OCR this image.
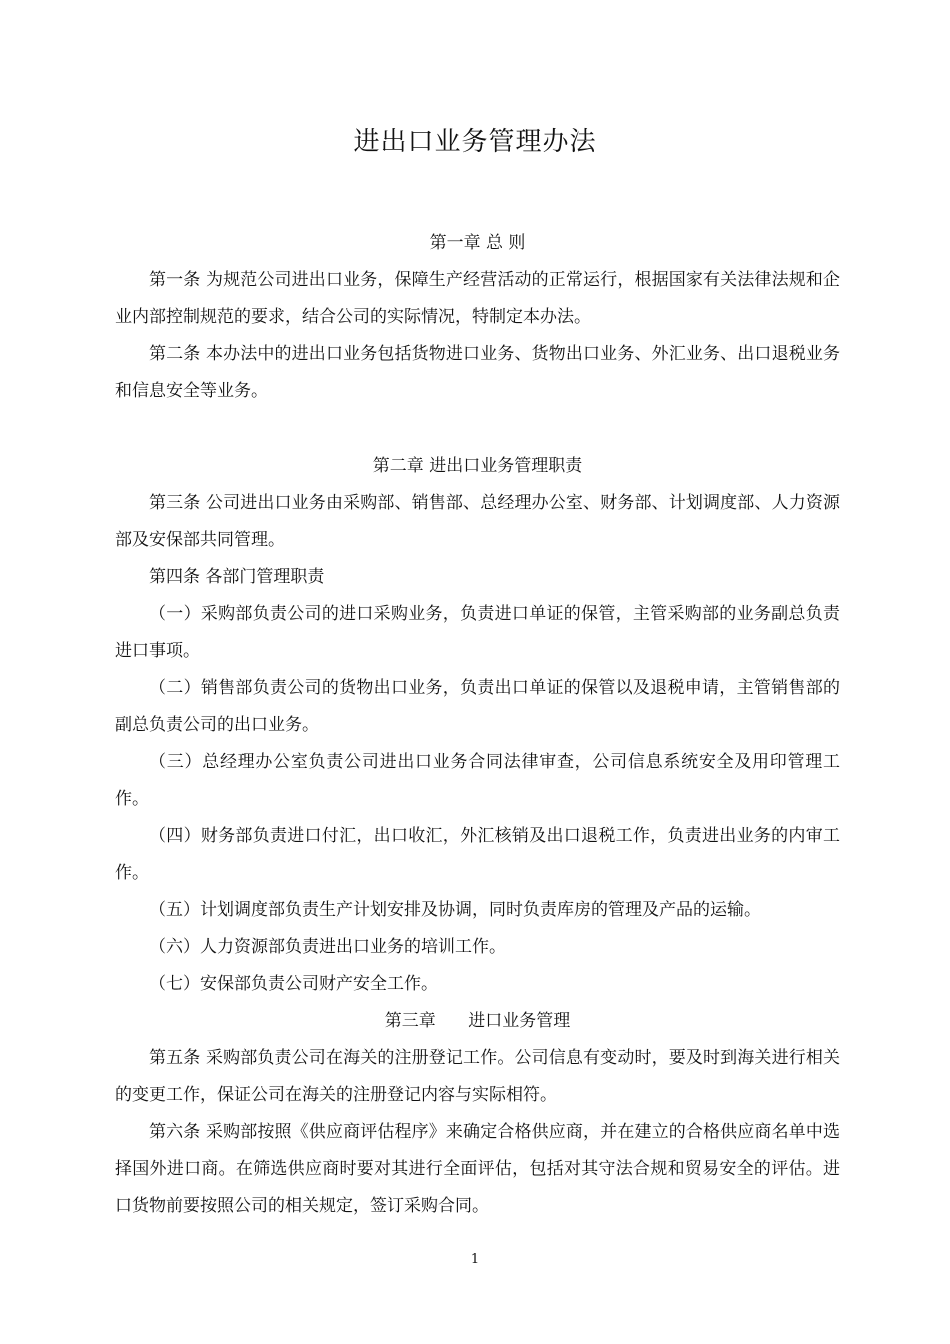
进出口业务管理办法

第一章 总 则

第一条 为规范公司进出口业务，保障生产经营活动的正常运行，根据国家有关法律法规和企业内部控制规范的要求，结合公司的实际情况，特制定本办法。

第二条 本办法中的进出口业务包括货物进口业务、货物出口业务、外汇业务、出口退税业务和信息安全等业务。

第二章 进出口业务管理职责

第三条 公司进出口业务由采购部、销售部、总经理办公室、财务部、计划调度部、人力资源部及安保部共同管理。

第四条 各部门管理职责

（一）采购部负责公司的进口采购业务，负责进口单证的保管，主管采购部的业务副总负责进口事项。

（二）销售部负责公司的货物出口业务，负责出口单证的保管以及退税申请，主管销售部的副总负责公司的出口业务。

（三）总经理办公室负责公司进出口业务合同法律审查，公司信息系统安全及用印管理工作。

（四）财务部负责进口付汇，出口收汇，外汇核销及出口退税工作，负责进出业务的内审工作。

（五）计划调度部负责生产计划安排及协调，同时负责库房的管理及产品的运输。

（六）人力资源部负责进出口业务的培训工作。

（七）安保部负责公司财产安全工作。

第三章      进口业务管理

第五条 采购部负责公司在海关的注册登记工作。公司信息有变动时，要及时到海关进行相关的变更工作，保证公司在海关的注册登记内容与实际相符。

第六条 采购部按照《供应商评估程序》来确定合格供应商，并在建立的合格供应商名单中选择国外进口商。在筛选供应商时要对其进行全面评估，包括对其守法合规和贸易安全的评估。进口货物前要按照公司的相关规定，签订采购合同。

1
